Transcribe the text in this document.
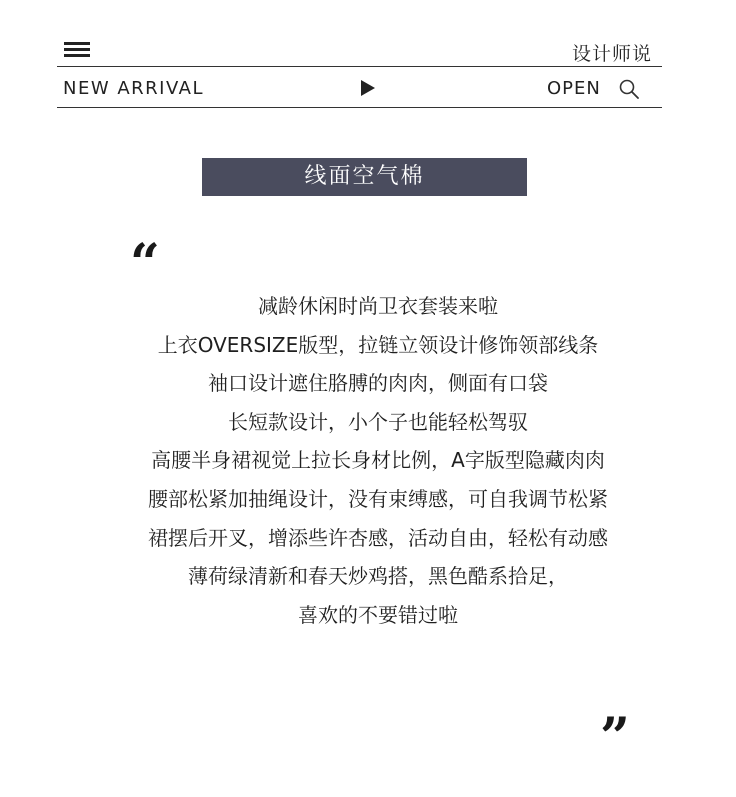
设计师说
NEW ARRIVAL	OPEN
线面空气棉
“
减龄休闲时尚卫衣套装来啦
上衣OVERSIZE版型，拉链立领设计修饰领部线条
袖口设计遮住胳膊的肉肉，侧面有口袋
长短款设计，小个子也能轻松驾驭
高腰半身裙视觉上拉长身材比例，A字版型隐藏肉肉
腰部松紧加抽绳设计，没有束缚感，可自我调节松紧
裙摆后开叉，增添些许杏感，活动自由，轻松有动感
薄荷绿清新和春天炒鸡搭，黑色酷系拾足，
喜欢的不要错过啦
”
